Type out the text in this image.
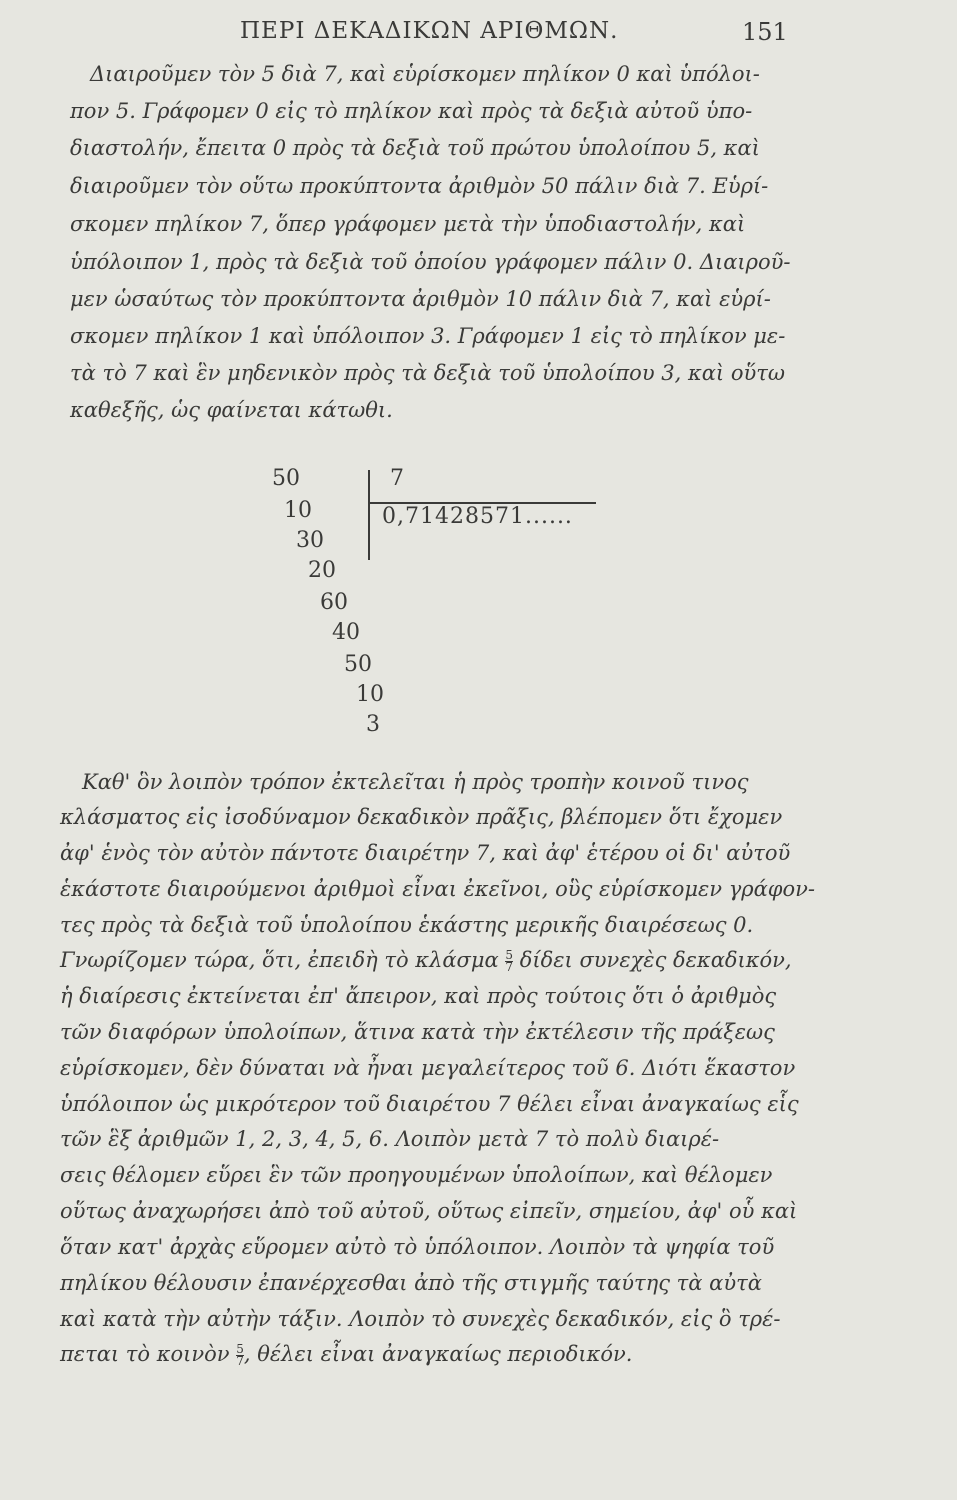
ΠΕΡΙ ΔΕΚΑΔΙΚΩΝ ΑΡΙΘΜΩΝ.	151
Διαιροῦμεν τὸν 5 διὰ 7, καὶ εὑρίσκομεν πηλίκον 0 καὶ ὑπόλοι-
πον 5. Γράφομεν 0 εἰς τὸ πηλίκον καὶ πρὸς τὰ δεξιὰ αὐτοῦ ὑπο-
διαστολήν, ἔπειτα 0 πρὸς τὰ δεξιὰ τοῦ πρώτου ὑπολοίπου 5, καὶ
διαιροῦμεν τὸν οὕτω προκύπτοντα ἀριθμὸν 50 πάλιν διὰ 7. Εὑρί-
σκομεν πηλίκον 7, ὅπερ γράφομεν μετὰ τὴν ὑποδιαστολήν, καὶ
ὑπόλοιπον 1, πρὸς τὰ δεξιὰ τοῦ ὁποίου γράφομεν πάλιν 0. Διαιροῦ-
μεν ὡσαύτως τὸν προκύπτοντα ἀριθμὸν 10 πάλιν διὰ 7, καὶ εὑρί-
σκομεν πηλίκον 1 καὶ ὑπόλοιπον 3. Γράφομεν 1 εἰς τὸ πηλίκον με-
τὰ τὸ 7 καὶ ἓν μηδενικὸν πρὸς τὰ δεξιὰ τοῦ ὑπολοίπου 3, καὶ οὕτω
καθεξῆς, ὡς φαίνεται κάτωθι.
50
10
30
20
60
40
50
10
3
7
0,71428571......
Καθ' ὃν λοιπὸν τρόπον ἐκτελεῖται ἡ πρὸς τροπὴν κοινοῦ τινος
κλάσματος εἰς ἰσοδύναμον δεκαδικὸν πρᾶξις, βλέπομεν ὅτι ἔχομεν
ἀφ' ἑνὸς τὸν αὐτὸν πάντοτε διαιρέτην 7, καὶ ἀφ' ἑτέρου οἱ δι' αὐτοῦ
ἑκάστοτε διαιρούμενοι ἀριθμοὶ εἶναι ἐκεῖνοι, οὓς εὑρίσκομεν γράφον-
τες πρὸς τὰ δεξιὰ τοῦ ὑπολοίπου ἑκάστης μερικῆς διαιρέσεως 0.
Γνωρίζομεν τώρα, ὅτι, ἐπειδὴ τὸ κλάσμα $\frac{5}{7}$ δίδει συνεχὲς δεκαδικόν,
ἡ διαίρεσις ἐκτείνεται ἐπ' ἄπειρον, καὶ πρὸς τούτοις ὅτι ὁ ἀριθμὸς
τῶν διαφόρων ὑπολοίπων, ἅτινα κατὰ τὴν ἐκτέλεσιν τῆς πράξεως
εὑρίσκομεν, δὲν δύναται νὰ ἦναι μεγαλείτερος τοῦ 6. Διότι ἕκαστον
ὑπόλοιπον ὡς μικρότερον τοῦ διαιρέτου 7 θέλει εἶναι ἀναγκαίως εἷς
τῶν ἓξ ἀριθμῶν 1, 2, 3, 4, 5, 6. Λοιπὸν μετὰ 7 τὸ πολὺ διαιρέ-
σεις θέλομεν εὕρει ἓν τῶν προηγουμένων ὑπολοίπων, καὶ θέλομεν
οὕτως ἀναχωρήσει ἀπὸ τοῦ αὐτοῦ, οὕτως εἰπεῖν, σημείου, ἀφ' οὗ καὶ
ὅταν κατ' ἀρχὰς εὕρομεν αὐτὸ τὸ ὑπόλοιπον. Λοιπὸν τὰ ψηφία τοῦ
πηλίκου θέλουσιν ἐπανέρχεσθαι ἀπὸ τῆς στιγμῆς ταύτης τὰ αὐτὰ
καὶ κατὰ τὴν αὐτὴν τάξιν. Λοιπὸν τὸ συνεχὲς δεκαδικόν, εἰς ὃ τρέ-
πεται τὸ κοινὸν $\frac{5}{7}$ , θέλει εἶναι ἀναγκαίως περιοδικόν.
